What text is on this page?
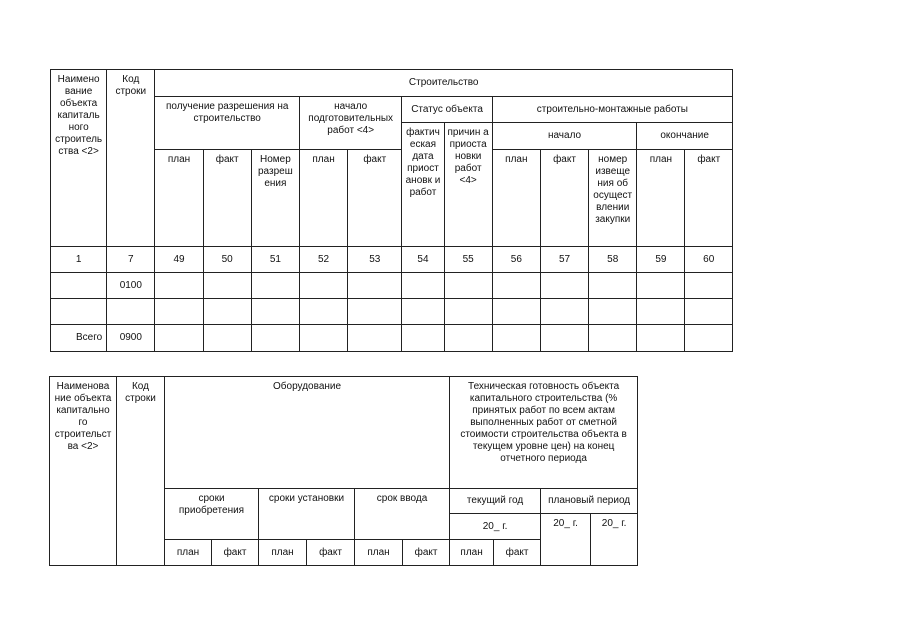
Наимено вание объекта капиталь ного строитель ства <2>	Код строки	Строительство											
		получение разрешения на строительство			начало подготовительных работ <4>		Статус объекта		строительно-монтажные работы				
							фактич еская дата приост ановк и работ	причин а приоста новки работ <4>	начало			окончание	
		план	факт	Номер разреш ения	план	факт			план	факт	номер извеще ния об осущест влении закупки	план	факт
1	7	49	50	51	52	53	54	55	56	57	58	59	60
	0100												

Всего	0900												
Наименова ние объекта капитально го строительст ва <2>	Код строки	Оборудование						Техническая готовность объекта капитального строительства (% принятых работ по всем актам выполненных работ от сметной стоимости строительства объекта в текущем уровне цен) на конец отчетного периода			
		сроки приобретения		сроки установки		срок ввода		текущий год		плановый период	
								20_ г.		20_ г.	20_ г.
		план	факт	план	факт	план	факт	план	факт		
